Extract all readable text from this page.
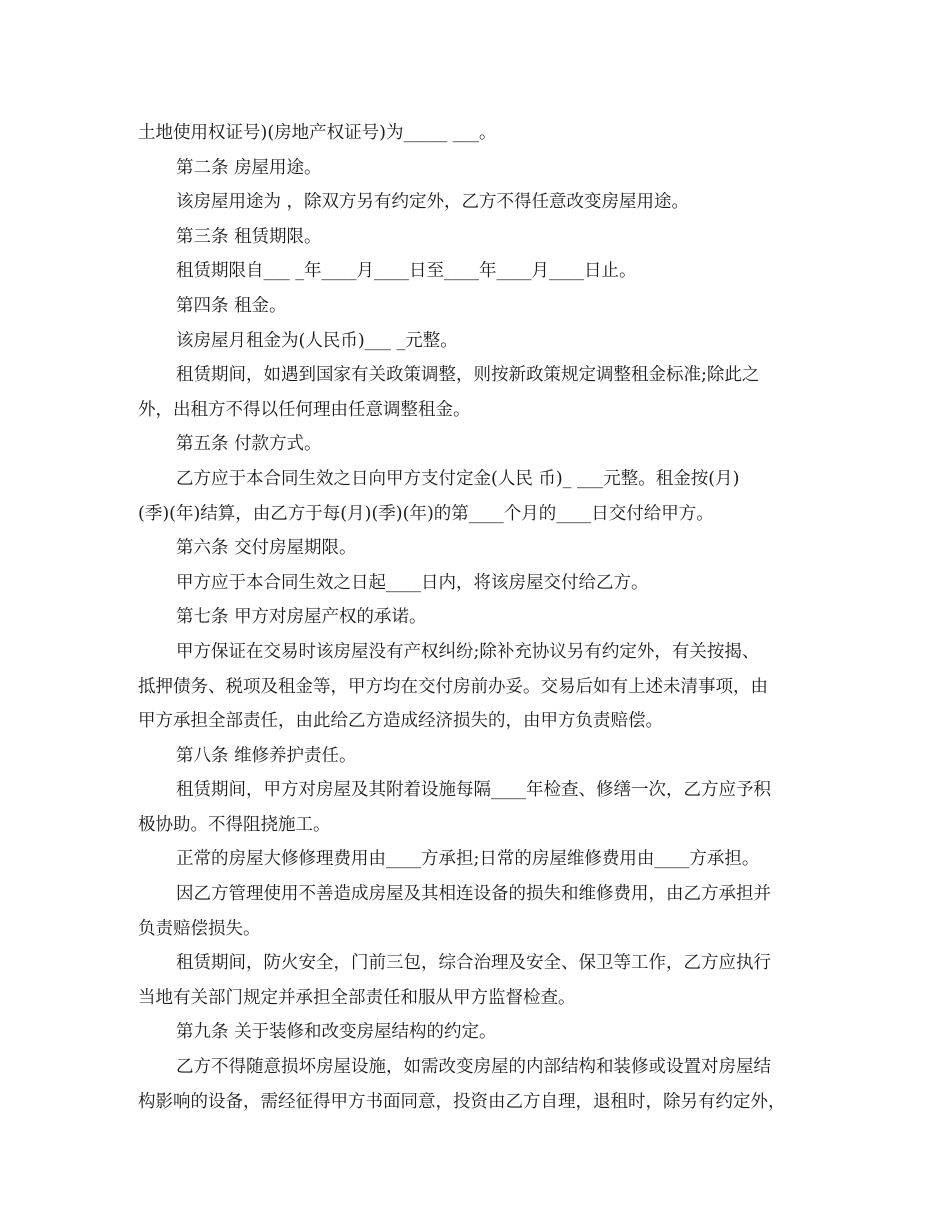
土地使用权证号)(房地产权证号)为_____ ___。
第二条 房屋用途。
该房屋用途为 ，除双方另有约定外，乙方不得任意改变房屋用途。
第三条 租赁期限。
租赁期限自___ _年____月____日至____年____月____日止。
第四条 租金。
该房屋月租金为(人民币)___ _元整。
租赁期间，如遇到国家有关政策调整，则按新政策规定调整租金标准;除此之
外，出租方不得以任何理由任意调整租金。
第五条 付款方式。
乙方应于本合同生效之日向甲方支付定金(人民 币)_ ___元整。租金按(月)
(季)(年)结算，由乙方于每(月)(季)(年)的第____个月的____日交付给甲方。
第六条 交付房屋期限。
甲方应于本合同生效之日起____日内，将该房屋交付给乙方。
第七条 甲方对房屋产权的承诺。
甲方保证在交易时该房屋没有产权纠纷;除补充协议另有约定外，有关按揭、
抵押债务、税项及租金等，甲方均在交付房前办妥。交易后如有上述未清事项，由
甲方承担全部责任，由此给乙方造成经济损失的，由甲方负责赔偿。
第八条 维修养护责任。
租赁期间，甲方对房屋及其附着设施每隔____年检查、修缮一次，乙方应予积
极协助。不得阻挠施工。
正常的房屋大修修理费用由____方承担;日常的房屋维修费用由____方承担。
因乙方管理使用不善造成房屋及其相连设备的损失和维修费用，由乙方承担并
负责赔偿损失。
租赁期间，防火安全，门前三包，综合治理及安全、保卫等工作，乙方应执行
当地有关部门规定并承担全部责任和服从甲方监督检查。
第九条 关于装修和改变房屋结构的约定。
乙方不得随意损坏房屋设施，如需改变房屋的内部结构和装修或设置对房屋结
构影响的设备，需经征得甲方书面同意，投资由乙方自理，退租时，除另有约定外，
